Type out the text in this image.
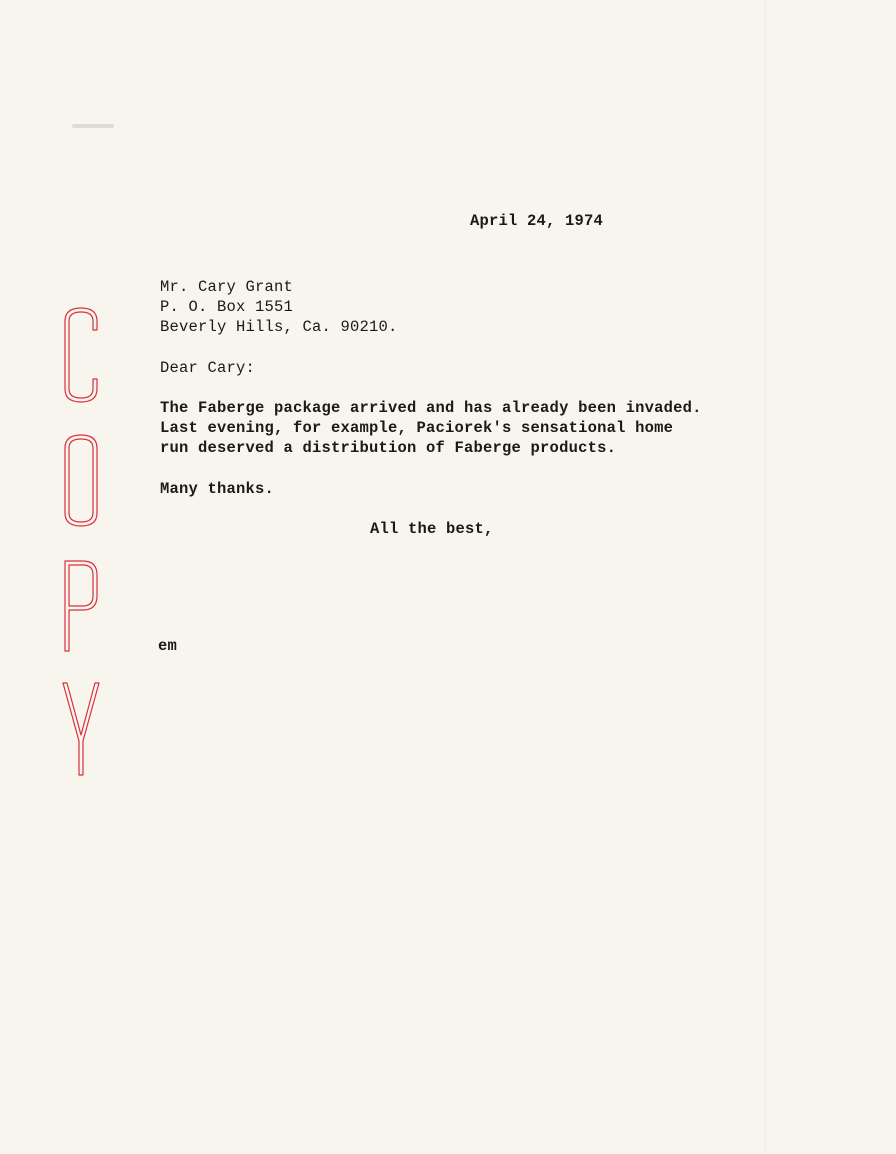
April 24, 1974
Mr. Cary Grant
P. O. Box 1551
Beverly Hills, Ca. 90210.
Dear Cary:
The Faberge package arrived and has already been invaded.
Last evening, for example, Paciorek's sensational home
run deserved a distribution of Faberge products.
Many thanks.
All the best,
em
